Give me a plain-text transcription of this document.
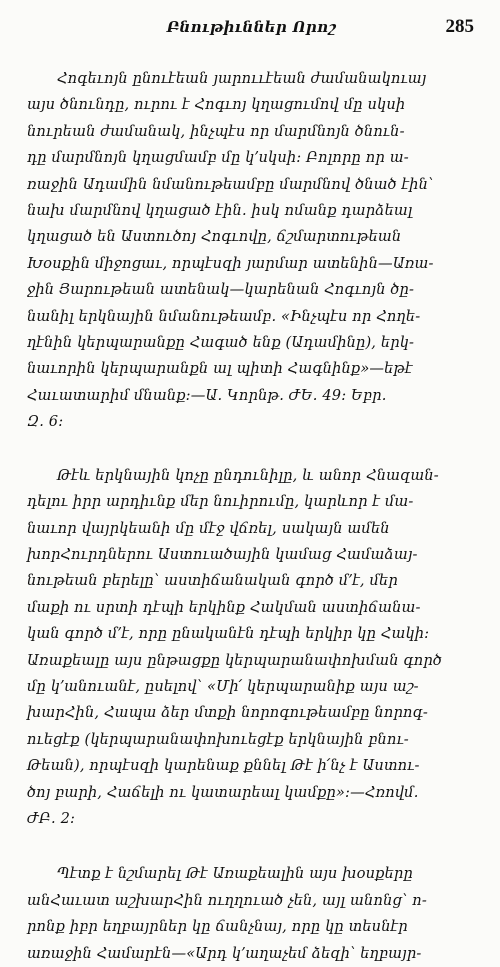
Բնութիւններ Որոշ	285

Հոգեւոյն ընուէեան յարոււէեան ժամանակուայ
այս ծնունդը, ուրու է Հոգւոյ կղացումով մը սկսի
նուրեան ժամանակ, ինչպէս որ մարմնոյն ծնուն-
դը մարմնոյն կղացմամբ մը կ՚սկսի: Բոլորը որ ա-
ռաջին Ադամին նմանութեամբը մարմնով ծնած էին՝
նախ մարմնով կղացած էին. իսկ ոմանք դարձեալ
կղացած են Աստուծոյ Հոգւովը, ճշմարտութեան
Խօսքին միջոցաւ, որպէսզի յարմար ատենին—Առա-
ջին Յարութեան ատենակ—կարենան Հոգւոյն ծը-
նանիլ երկնային նմանութեամբ. «Ինչպէս որ Հողե-
ղէնին կերպարանքը Հագած ենք (Ադամինը), երկ-
նաւորին կերպարանքն ալ պիտի Հագնինք»—եթէ
Հաւատարիմ մնանք:—Ա. Կորնթ. ԺԵ. 49: Եբր.
Զ. 6:

Թէև երկնային կոչը ընդունիլը, և անոր Հնազան-
դելու իրր արդիւնք մեր նուիրումը, կարևոր է մա-
նաւոր վայրկեանի մը մէջ վճռել, սակայն ամեն
խորՀուրդներու Աստուածային կամաց Համաձայ-
նութեան բերելը՝ աստիճանական գործ մ՚է, մեր
մաքի ու սրտի դէպի երկինք Հակման աստիճանա-
կան գործ մ՚է, որը ընականէն դէպի երկիր կը Հակի:
Առաքեալը այս ընթացքը կերպարանափոխման գործ
մը կ՚անուանէ, ըսելով՝ «Մի՛ կերպարանիք այս աշ-
խարՀին, Հապա ձեր մտքի նորոգութեամբը նորոգ-
ուեցէք (կերպարանափոխուեցէք երկնային բնու-
Թեան), որպէսզի կարենաք քննել Թէ ի՛նչ է Աստու-
ծոյ բարի, Հաճելի ու կատարեալ կամքը»:—Հռովմ.
ԺԲ. 2:

Պէտք է նշմարել Թէ Առաքեալին այս խօսքերը
անՀաւատ աշխարՀին ուղղուած չեն, այլ անոնց՝ ո-
րոնք իբր եղբայրներ կը ճանչնայ, որը կը տեսնէր
առաջին Համարէն—«Արդ կ՚աղաչեմ ձեզի՝ եղբայր-
